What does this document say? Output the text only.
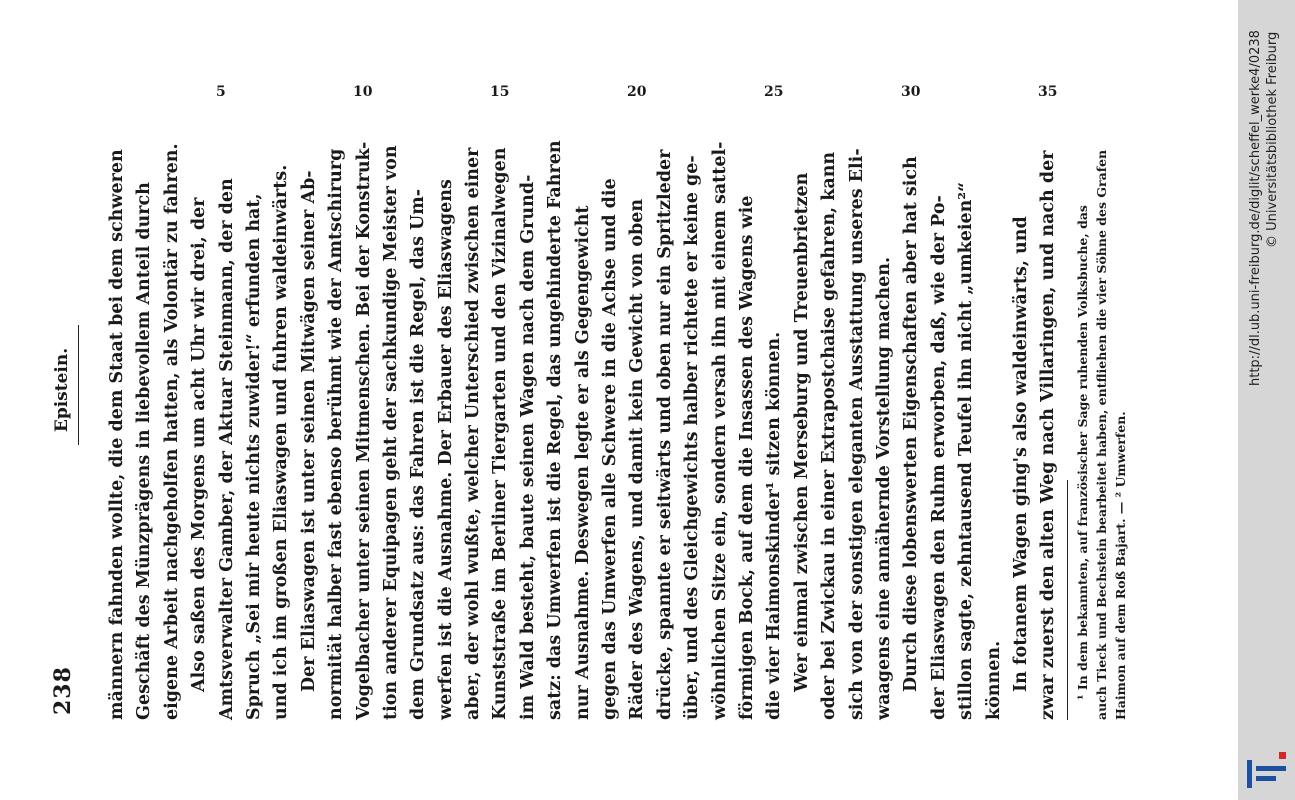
238
Epistein. männern fahnden wollte, die dem Staat bei dem schweren Geschäft des Münzprägens in liebevollem Anteil durch eigene Arbeit nachgeholfen hatten, als Volontär zu fahren. Also saßen des Morgens um acht Uhr wir drei, der Amtsverwalter Gamber, der Aktuar Steinmann, der den Spruch „Sei mir heute nichts zuwider!“ erfunden hat, und ich im großen Eliaswagen und fuhren waldeinwärts. Der Eliaswagen ist unter seinen Mitwägen seiner Ab- normität halber fast ebenso berühmt wie der Amtschirurg Vogelbacher unter seinen Mitmenschen. Bei der Konstruk- tion anderer Equipagen geht der sachkundige Meister von dem Grundsatz aus: das Fahren ist die Regel, das Um- werfen ist die Ausnahme. Der Erbauer des Eliaswagens aber, der wohl wußte, welcher Unterschied zwischen einer Kunststraße im Berliner Tiergarten und den Vizinalwegen im Wald besteht, baute seinen Wagen nach dem Grund- satz: das Umwerfen ist die Regel, das ungehinderte Fahren nur Ausnahme. Deswegen legte er als Gegengewicht gegen das Umwerfen alle Schwere in die Achse und die Räder des Wagens, und damit kein Gewicht von oben drücke, spannte er seitwärts und oben nur ein Spritzleder über, und des Gleichgewichts halber richtete er keine ge- wöhnlichen Sitze ein, sondern versah ihn mit einem sattel- förmigen Bock, auf dem die Insassen des Wagens wie die vier Haimonskinder¹ sitzen können. Wer einmal zwischen Merseburg und Treuenbrietzen oder bei Zwickau in einer Extrapostchaise gefahren, kann sich von der sonstigen eleganten Ausstattung unseres Eli- waagens eine annähernde Vorstellung machen. Durch diese lobenswerten Eigenschaften aber hat sich der Eliaswagen den Ruhm erworben, daß, wie der Po- stillon sagte, zehntausend Teufel ihn nicht „umkeien²“ können. In fotanem Wagen ging's also waldeinwärts, und zwar zuerst den alten Weg nach Villaringen, und nach der
5	10	15	20	25	30	35
¹ In dem bekannten, auf französischer Sage ruhenden Volksbuche, das auch Tieck und Bechstein bearbeitet haben, entfliehen die vier Söhne des Grafen Haimon auf dem Roß Bajart. — ² Umwerfen.
http://dl.ub.uni-freiburg.de/diglit/scheffel_werke4/0238 © Universitätsbibliothek Freiburg
